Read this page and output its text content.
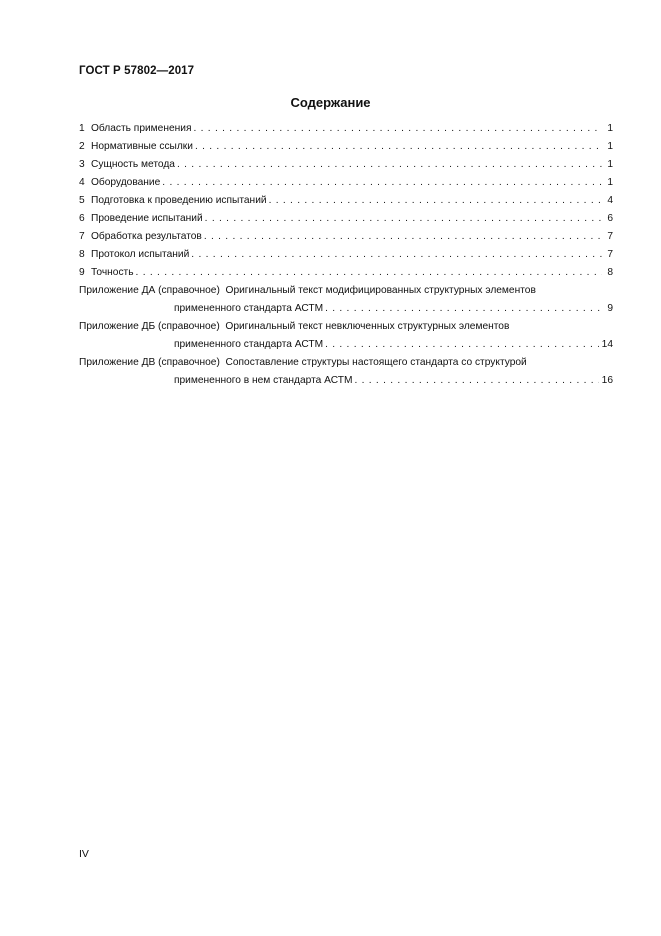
ГОСТ Р 57802—2017
Содержание
1 Область применения . . .	1
2 Нормативные ссылки . . .	1
3 Сущность метода . . .	1
4 Оборудование . . .	1
5 Подготовка к проведению испытаний . . .	4
6 Проведение испытаний . . .	6
7 Обработка результатов . . .	7
8 Протокол испытаний . . .	7
9 Точность . . .	8
Приложение ДА (справочное) Оригинальный текст модифицированных структурных элементов
примененного стандарта АСТМ . . .	9
Приложение ДБ (справочное) Оригинальный текст невключенных структурных элементов
примененного стандарта АСТМ . . .	14
Приложение ДВ (справочное) Сопоставление структуры настоящего стандарта со структурой
примененного в нем стандарта АСТМ . . .	16
IV
